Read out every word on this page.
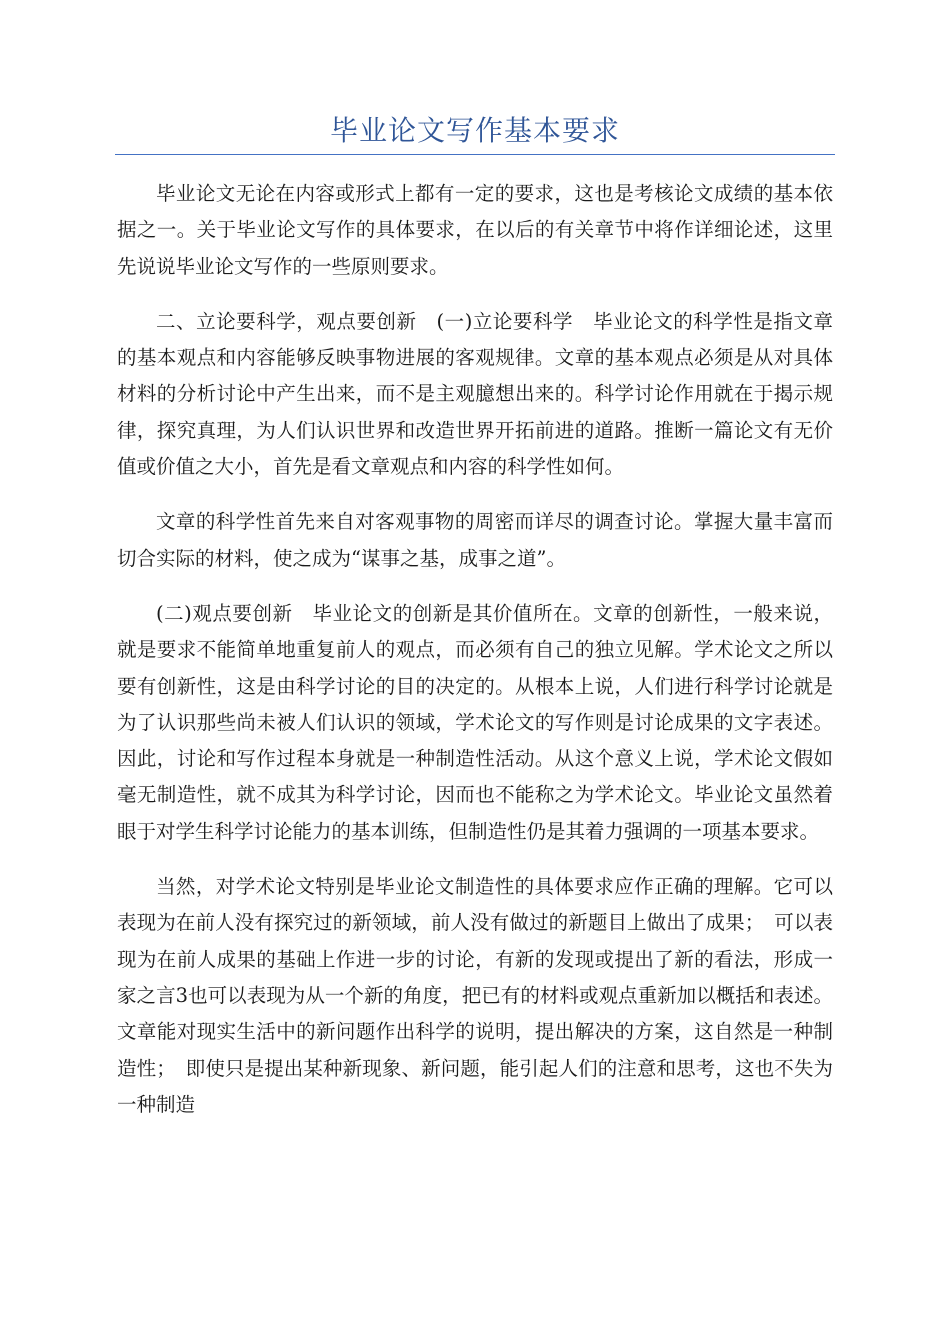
毕业论文写作基本要求

毕业论文无论在内容或形式上都有一定的要求，这也是考核论文成绩的基本依据之一。关于毕业论文写作的具体要求，在以后的有关章节中将作详细论述，这里先说说毕业论文写作的一些原则要求。

二、立论要科学，观点要创新　(一)立论要科学　毕业论文的科学性是指文章的基本观点和内容能够反映事物进展的客观规律。文章的基本观点必须是从对具体材料的分析讨论中产生出来，而不是主观臆想出来的。科学讨论作用就在于揭示规律，探究真理，为人们认识世界和改造世界开拓前进的道路。推断一篇论文有无价值或价值之大小，首先是看文章观点和内容的科学性如何。

文章的科学性首先来自对客观事物的周密而详尽的调查讨论。掌握大量丰富而切合实际的材料，使之成为“谋事之基，成事之道”。

(二)观点要创新　毕业论文的创新是其价值所在。文章的创新性，一般来说，就是要求不能简单地重复前人的观点，而必须有自己的独立见解。学术论文之所以要有创新性，这是由科学讨论的目的决定的。从根本上说，人们进行科学讨论就是为了认识那些尚未被人们认识的领域，学术论文的写作则是讨论成果的文字表述。因此，讨论和写作过程本身就是一种制造性活动。从这个意义上说，学术论文假如毫无制造性，就不成其为科学讨论，因而也不能称之为学术论文。毕业论文虽然着眼于对学生科学讨论能力的基本训练，但制造性仍是其着力强调的一项基本要求。

当然，对学术论文特别是毕业论文制造性的具体要求应作正确的理解。它可以表现为在前人没有探究过的新领域，前人没有做过的新题目上做出了成果；　可以表现为在前人成果的基础上作进一步的讨论，有新的发现或提出了新的看法，形成一家之言3也可以表现为从一个新的角度，把已有的材料或观点重新加以概括和表述。文章能对现实生活中的新问题作出科学的说明，提出解决的方案，这自然是一种制造性；　即使只是提出某种新现象、新问题，能引起人们的注意和思考，这也不失为一种制造
